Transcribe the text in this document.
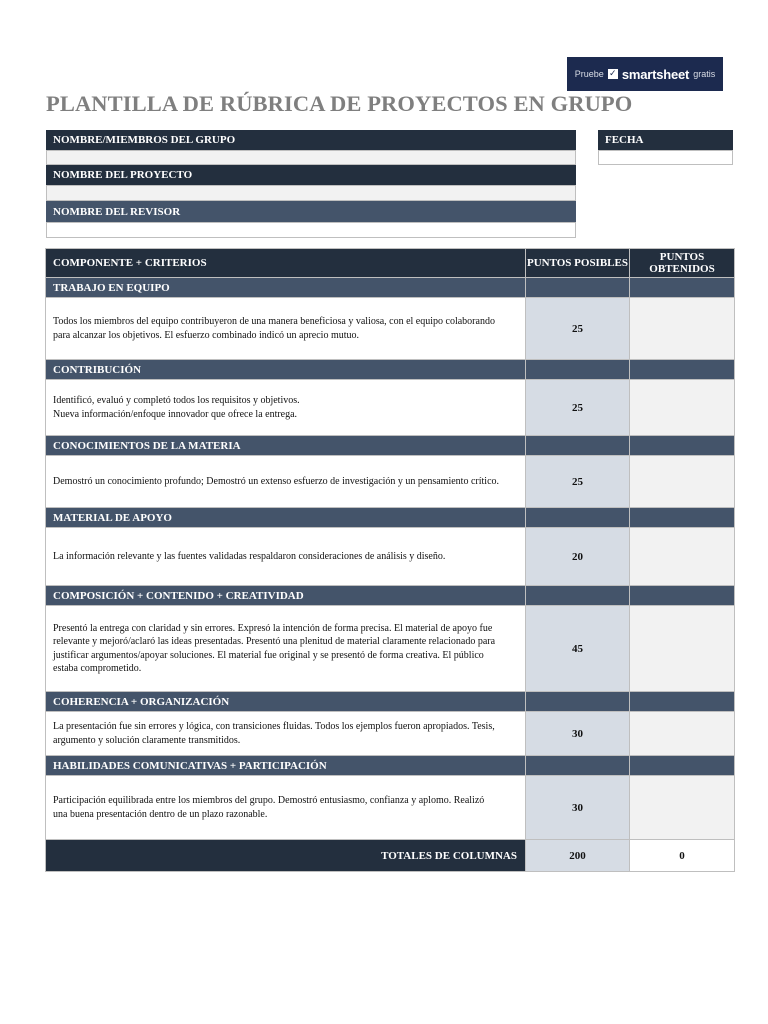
Pruebe ✓ smartsheet gratis
PLANTILLA DE RÚBRICA DE PROYECTOS EN GRUPO
NOMBRE/MIEMBROS DEL GRUPO
NOMBRE DEL PROYECTO
NOMBRE DEL REVISOR
FECHA
COMPONENTE + CRITERIOS	PUNTOS POSIBLES	PUNTOS OBTENIDOS
TRABAJO EN EQUIPO		
Todos los miembros del equipo contribuyeron de una manera beneficiosa y valiosa, con el equipo colaborando para alcanzar los objetivos. El esfuerzo combinado indicó un aprecio mutuo.	25	
CONTRIBUCIÓN		
Identificó, evaluó y completó todos los requisitos y objetivos.
Nueva información/enfoque innovador que ofrece la entrega.	25	
CONOCIMIENTOS DE LA MATERIA		
Demostró un conocimiento profundo; Demostró un extenso esfuerzo de investigación y un pensamiento crítico.	25	
MATERIAL DE APOYO		
La información relevante y las fuentes validadas respaldaron consideraciones de análisis y diseño.	20	
COMPOSICIÓN + CONTENIDO + CREATIVIDAD		
Presentó la entrega con claridad y sin errores. Expresó la intención de forma precisa. El material de apoyo fue relevante y mejoró/aclaró las ideas presentadas. Presentó una plenitud de material claramente relacionado para justificar argumentos/apoyar soluciones. El material fue original y se presentó de forma creativa. El público estaba comprometido.	45	
COHERENCIA + ORGANIZACIÓN		
La presentación fue sin errores y lógica, con transiciones fluidas. Todos los ejemplos fueron apropiados. Tesis, argumento y solución claramente transmitidos.	30	
HABILIDADES COMUNICATIVAS + PARTICIPACIÓN		
Participación equilibrada entre los miembros del grupo. Demostró entusiasmo, confianza y aplomo. Realizó una buena presentación dentro de un plazo razonable.	30	
TOTALES DE COLUMNAS	200	0
